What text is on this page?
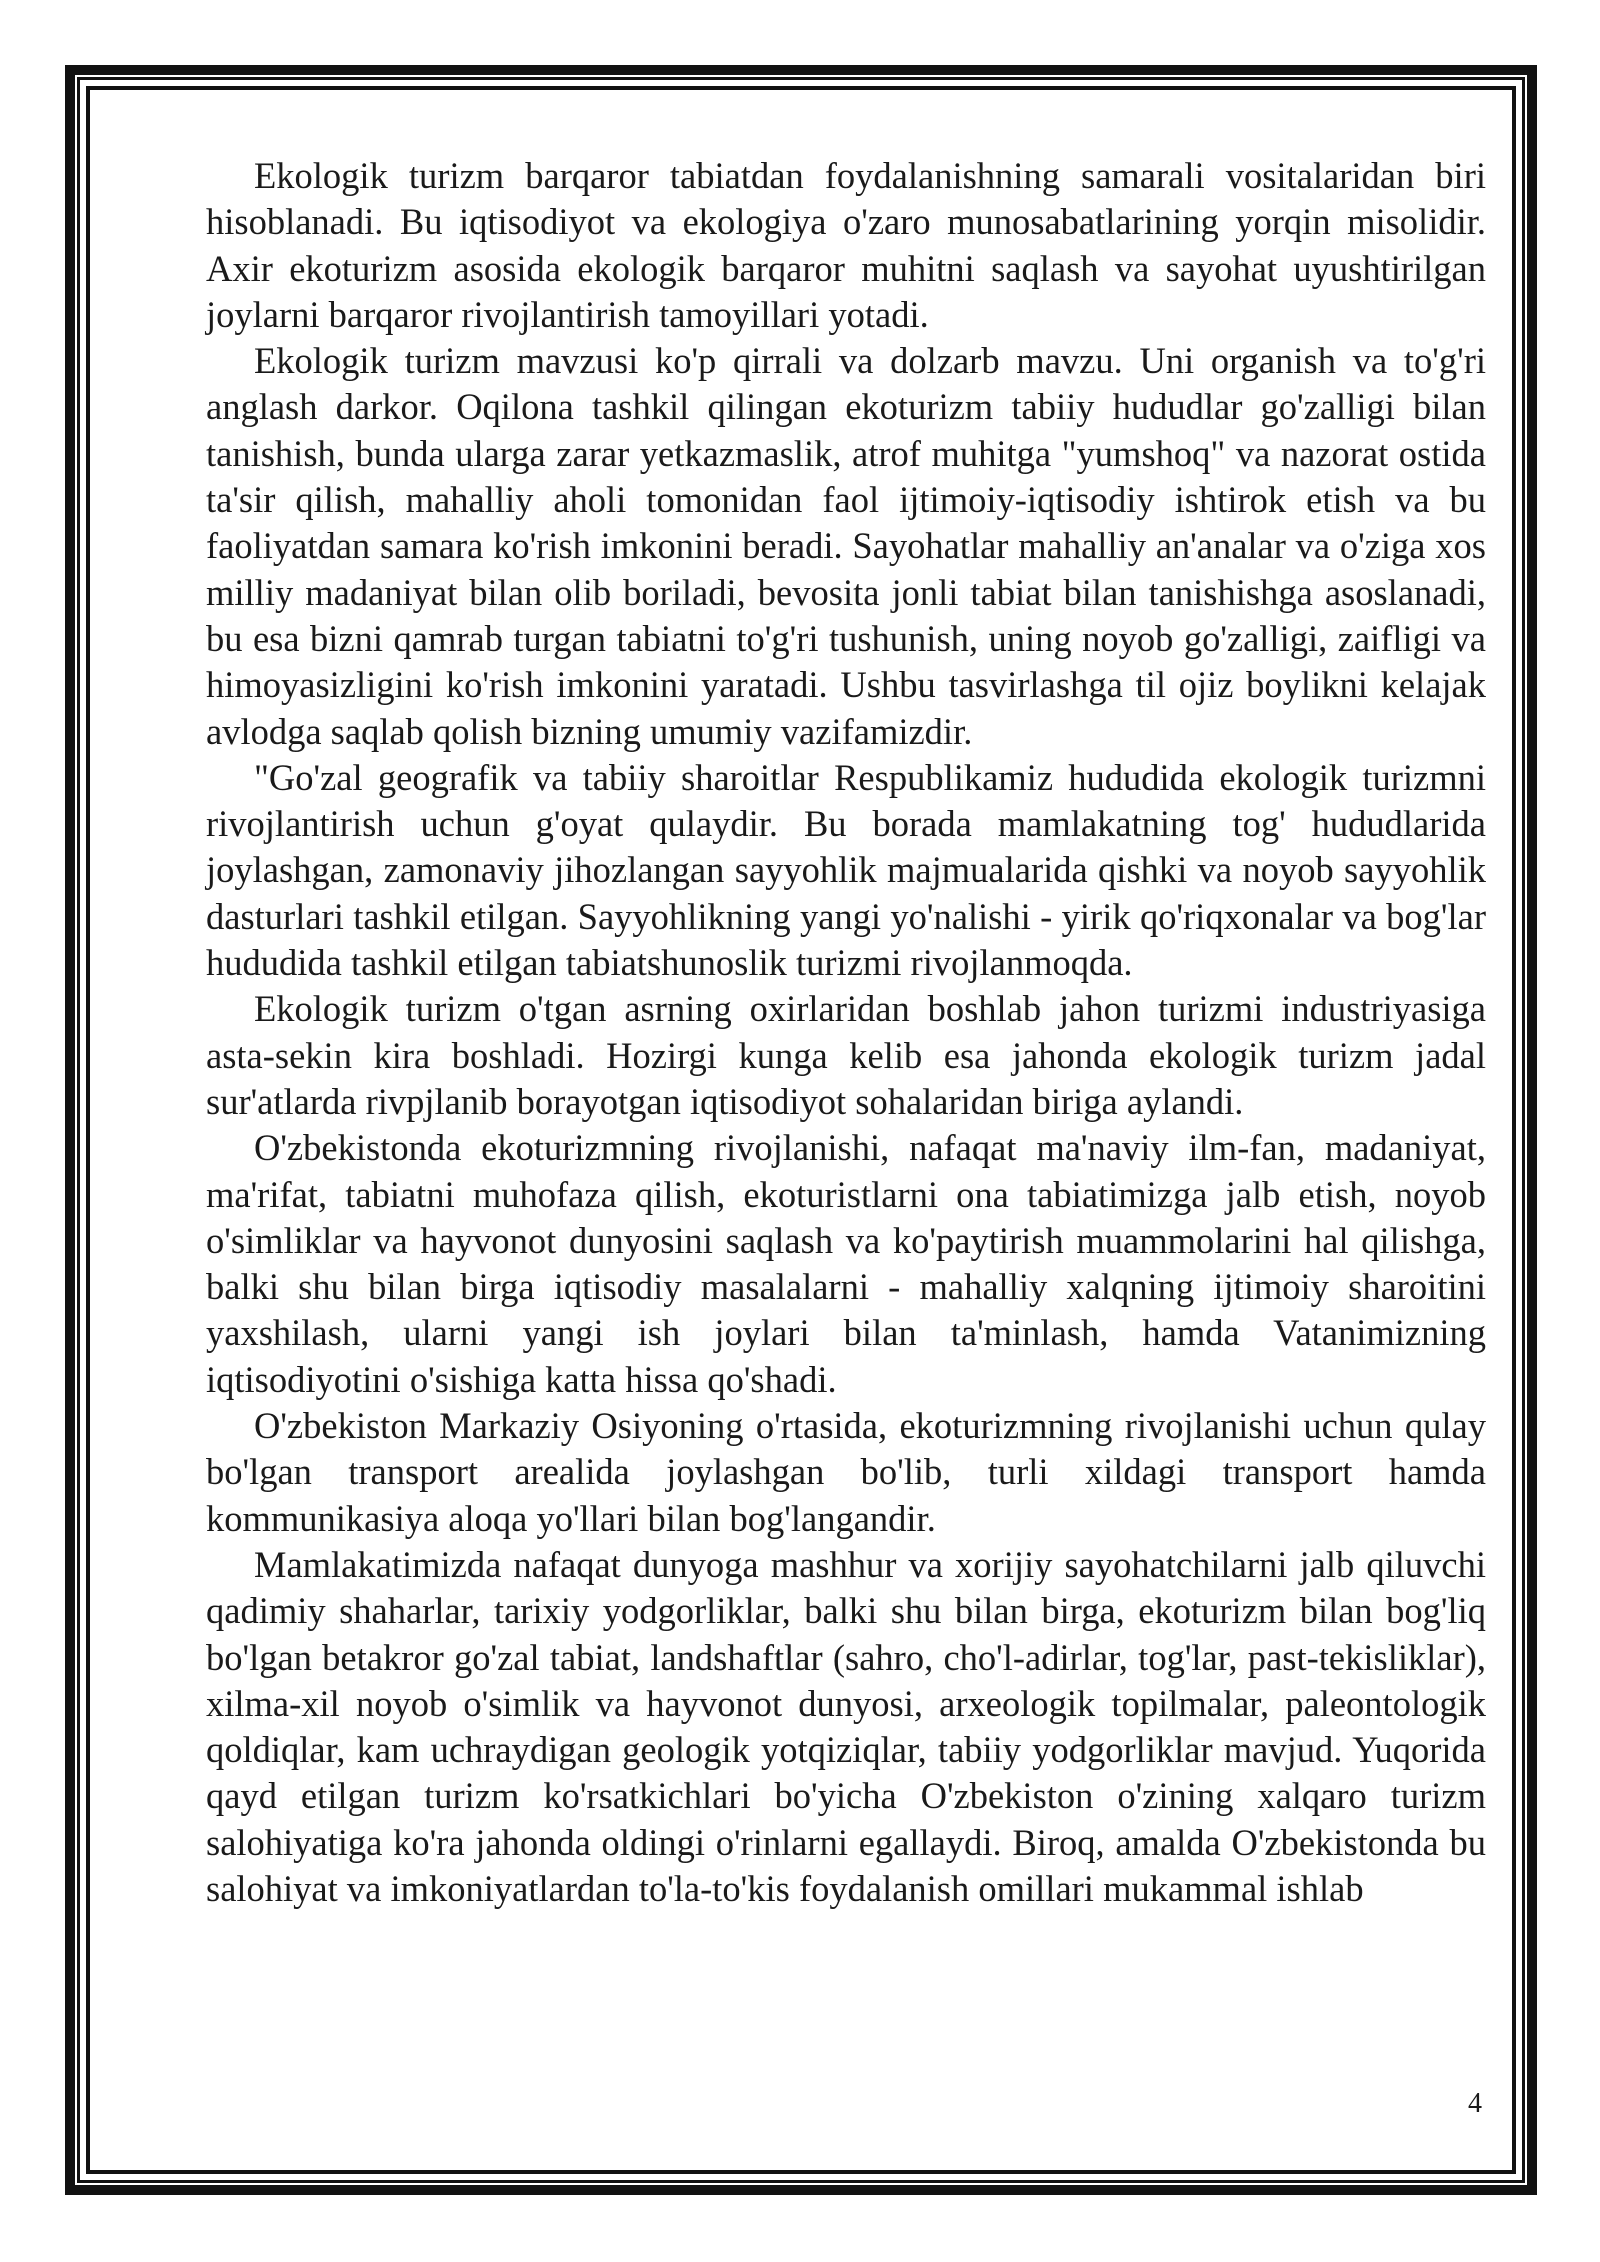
Ekologik turizm barqaror tabiatdan foydalanishning samarali vositalaridan biri hisoblanadi. Bu iqtisodiyot va ekologiya o'zaro munosabatlarining yorqin misolidir. Axir ekoturizm asosida ekologik barqaror muhitni saqlash va sayohat uyushtirilgan joylarni barqaror rivojlantirish tamoyillari yotadi.

Ekologik turizm mavzusi ko'p qirrali va dolzarb mavzu. Uni organish va to'g'ri anglash darkor. Oqilona tashkil qilingan ekoturizm tabiiy hududlar go'zalligi bilan tanishish, bunda ularga zarar yetkazmaslik, atrof muhitga "yumshoq" va nazorat ostida ta'sir qilish, mahalliy aholi tomonidan faol ijtimoiy-iqtisodiy ishtirok etish va bu faoliyatdan samara ko'rish imkonini beradi. Sayohatlar mahalliy an'analar va o'ziga xos milliy madaniyat bilan olib boriladi, bevosita jonli tabiat bilan tanishishga asoslanadi, bu esa bizni qamrab turgan tabiatni to'g'ri tushunish, uning noyob go'zalligi, zaifligi va himoyasizligini ko'rish imkonini yaratadi. Ushbu tasvirlashga til ojiz boylikni kelajak avlodga saqlab qolish bizning umumiy vazifamizdir.

"Go'zal geografik va tabiiy sharoitlar Respublikamiz hududida ekologik turizmni rivojlantirish uchun g'oyat qulaydir. Bu borada mamlakatning tog' hududlarida joylashgan, zamonaviy jihozlangan sayyohlik majmualarida qishki va noyob sayyohlik dasturlari tashkil etilgan. Sayyohlikning yangi yo'nalishi - yirik qo'riqxonalar va bog'lar hududida tashkil etilgan tabiatshunoslik turizmi rivojlanmoqda.

Ekologik turizm o'tgan asrning oxirlaridan boshlab jahon turizmi industriyasiga asta-sekin kira boshladi. Hozirgi kunga kelib esa jahonda ekologik turizm jadal sur'atlarda rivpjlanib borayotgan iqtisodiyot sohalaridan biriga aylandi.

O'zbekistonda ekoturizmning rivojlanishi, nafaqat ma'naviy ilm-fan, madaniyat, ma'rifat, tabiatni muhofaza qilish, ekoturistlarni ona tabiatimizga jalb etish, noyob o'simliklar va hayvonot dunyosini saqlash va ko'paytirish muammolarini hal qilishga, balki shu bilan birga iqtisodiy masalalarni - mahalliy xalqning ijtimoiy sharoitini yaxshilash, ularni yangi ish joylari bilan ta'minlash, hamda Vatanimizning iqtisodiyotini o'sishiga katta hissa qo'shadi.

O'zbekiston Markaziy Osiyoning o'rtasida, ekoturizmning rivojlanishi uchun qulay bo'lgan transport arealida joylashgan bo'lib, turli xildagi transport hamda kommunikasiya aloqa yo'llari bilan bog'langandir.

Mamlakatimizda nafaqat dunyoga mashhur va xorijiy sayohatchilarni jalb qiluvchi qadimiy shaharlar, tarixiy yodgorliklar, balki shu bilan birga, ekoturizm bilan bog'liq bo'lgan betakror go'zal tabiat, landshaftlar (sahro, cho'l-adirlar, tog'lar, past-tekisliklar), xilma-xil noyob o'simlik va hayvonot dunyosi, arxeologik topilmalar, paleontologik qoldiqlar, kam uchraydigan geologik yotqiziqlar, tabiiy yodgorliklar mavjud. Yuqorida qayd etilgan turizm ko'rsatkichlari bo'yicha O'zbekiston o'zining xalqaro turizm salohiyatiga ko'ra jahonda oldingi o'rinlarni egallaydi. Biroq, amalda O'zbekistonda bu salohiyat va imkoniyatlardan to'la-to'kis foydalanish omillari mukammal ishlab

4
